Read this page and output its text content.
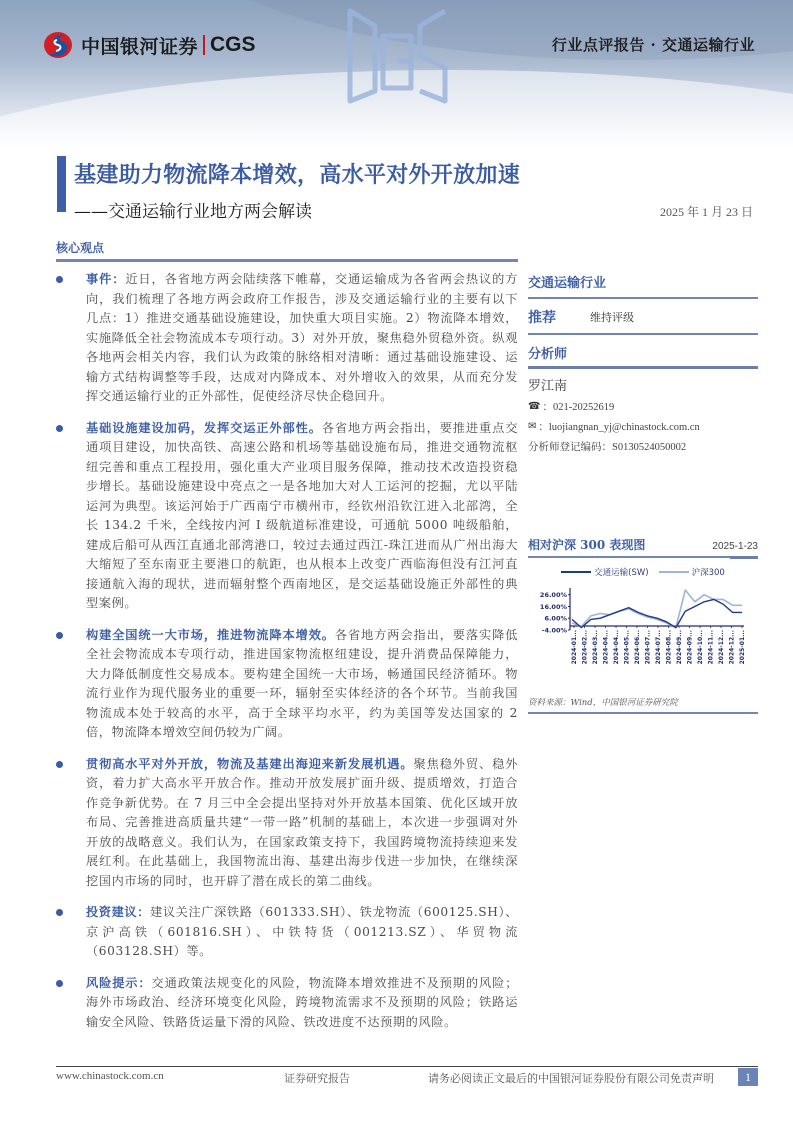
中国银河证券 CGS	行业点评报告 · 交通运输行业
基建助力物流降本增效，高水平对外开放加速
——交通运输行业地方两会解读	2025 年 1 月 23 日
核心观点
事件：近日，各省地方两会陆续落下帷幕，交通运输成为各省两会热议的方向，我们梳理了各地方两会政府工作报告，涉及交通运输行业的主要有以下几点：1）推进交通基础设施建设，加快重大项目实施。2）物流降本增效，实施降低全社会物流成本专项行动。3）对外开放，聚焦稳外贸稳外资。纵观各地两会相关内容，我们认为政策的脉络相对清晰：通过基础设施建设、运输方式结构调整等手段，达成对内降成本、对外增收入的效果，从而充分发挥交通运输行业的正外部性，促使经济尽快企稳回升。
基础设施建设加码，发挥交运正外部性。各省地方两会指出，要推进重点交通项目建设，加快高铁、高速公路和机场等基础设施布局，推进交通物流枢纽完善和重点工程投用，强化重大产业项目服务保障，推动技术改造投资稳步增长。基础设施建设中亮点之一是各地加大对人工运河的挖掘，尤以平陆运河为典型。该运河始于广西南宁市横州市，经钦州沿钦江进入北部湾，全长 134.2 千米，全线按内河 I 级航道标准建设，可通航 5000 吨级船舶，建成后船可从西江直通北部湾港口，较过去通过西江-珠江进而从广州出海大大缩短了至东南亚主要港口的航距，也从根本上改变广西临海但没有江河直接通航入海的现状，进而辐射整个西南地区，是交运基础设施正外部性的典型案例。
构建全国统一大市场，推进物流降本增效。各省地方两会指出，要落实降低全社会物流成本专项行动，推进国家物流枢纽建设，提升消费品保障能力，大力降低制度性交易成本。要构建全国统一大市场，畅通国民经济循环。物流行业作为现代服务业的重要一环，辐射至实体经济的各个环节。当前我国物流成本处于较高的水平，高于全球平均水平，约为美国等发达国家的 2 倍，物流降本增效空间仍较为广阔。
贯彻高水平对外开放，物流及基建出海迎来新发展机遇。聚焦稳外贸、稳外资，着力扩大高水平开放合作。推动开放发展扩面升级、提质增效，打造合作竞争新优势。在 7 月三中全会提出坚持对外开放基本国策、优化区域开放布局、完善推进高质量共建“一带一路”机制的基础上，本次进一步强调对外开放的战略意义。我们认为，在国家政策支持下，我国跨境物流持续迎来发展红利。在此基础上，我国物流出海、基建出海步伐进一步加快，在继续深挖国内市场的同时，也开辟了潜在成长的第二曲线。
投资建议：建议关注广深铁路（601333.SH）、铁龙物流（600125.SH）、京沪高铁（601816.SH）、中铁特货（001213.SZ）、华贸物流（603128.SH）等。
风险提示：交通政策法规变化的风险，物流降本增效推进不及预期的风险；海外市场政治、经济环境变化风险，跨境物流需求不及预期的风险；铁路运输安全风险、铁路货运量下滑的风险、铁改进度不达预期的风险。
交通运输行业
推荐	维持评级
分析师
罗江南
☎ ：021-20252619
✉ ：luojiangnan_yj@chinastock.com.cn
分析师登记编码：S0130524050002
相对沪深 300 表现图	2025-1-23
交通运输(SW)	沪深300
26.00%
16.00%
6.00%
-4.00% 2024-01... 2024-02... 2024-03... 2024-04... 2024-04... 2024-05... 2024-06... 2024-07... 2024-07... 2024-08... 2024-09... 2024-09... 2024-10... 2024-11... 2024-12... 2024-12... 2025-01...
资料来源：Wind，中国银河证券研究院
www.chinastock.com.cn	证券研究报告	请务必阅读正文最后的中国银河证券股份有限公司免责声明	1
